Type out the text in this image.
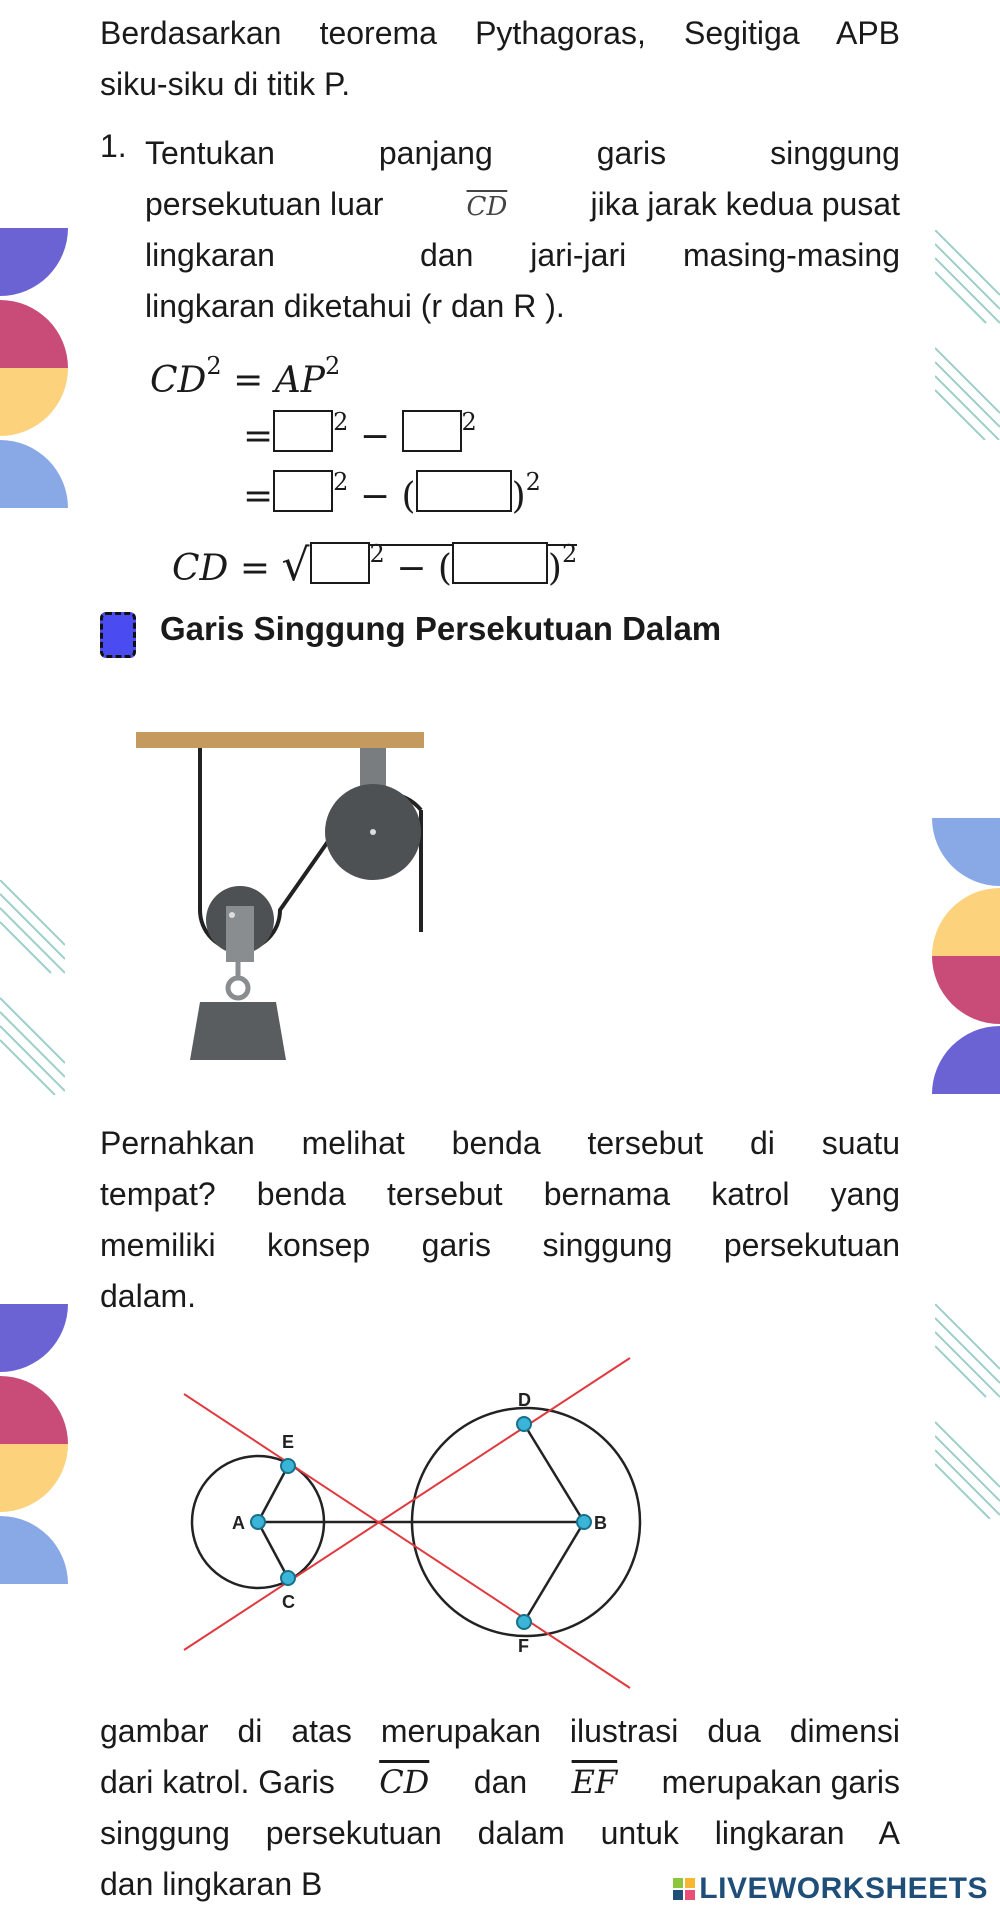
Berdasarkan teorema Pythagoras, Segitiga APB
siku-siku di titik P.
1. Tentukan	panjang	garis	singgung
persekutuan luar	$\overline{CD}$	jika jarak kedua pusat
lingkaran	dan jari-jari masing-masing
lingkaran diketahui (r dan R ).
$CD^2 = AP^2$
=	$^2$ −	$^2$
=	$^2$ − (	)$^2$
CD = √	$^2$ − (	)$^2$
Garis Singgung Persekutuan Dalam
Pernahkan melihat benda tersebut di suatu
tempat? benda tersebut bernama katrol yang
memiliki konsep garis singgung persekutuan
dalam.
A	B
C
D
E
F
gambar di atas merupakan ilustrasi dua dimensi
dari katrol. Garis $\overline{CD}$ dan $\overline{EF}$ merupakan garis
singgung persekutuan dalam untuk lingkaran A
dan lingkaran B	LIVEWORKSHEETS
